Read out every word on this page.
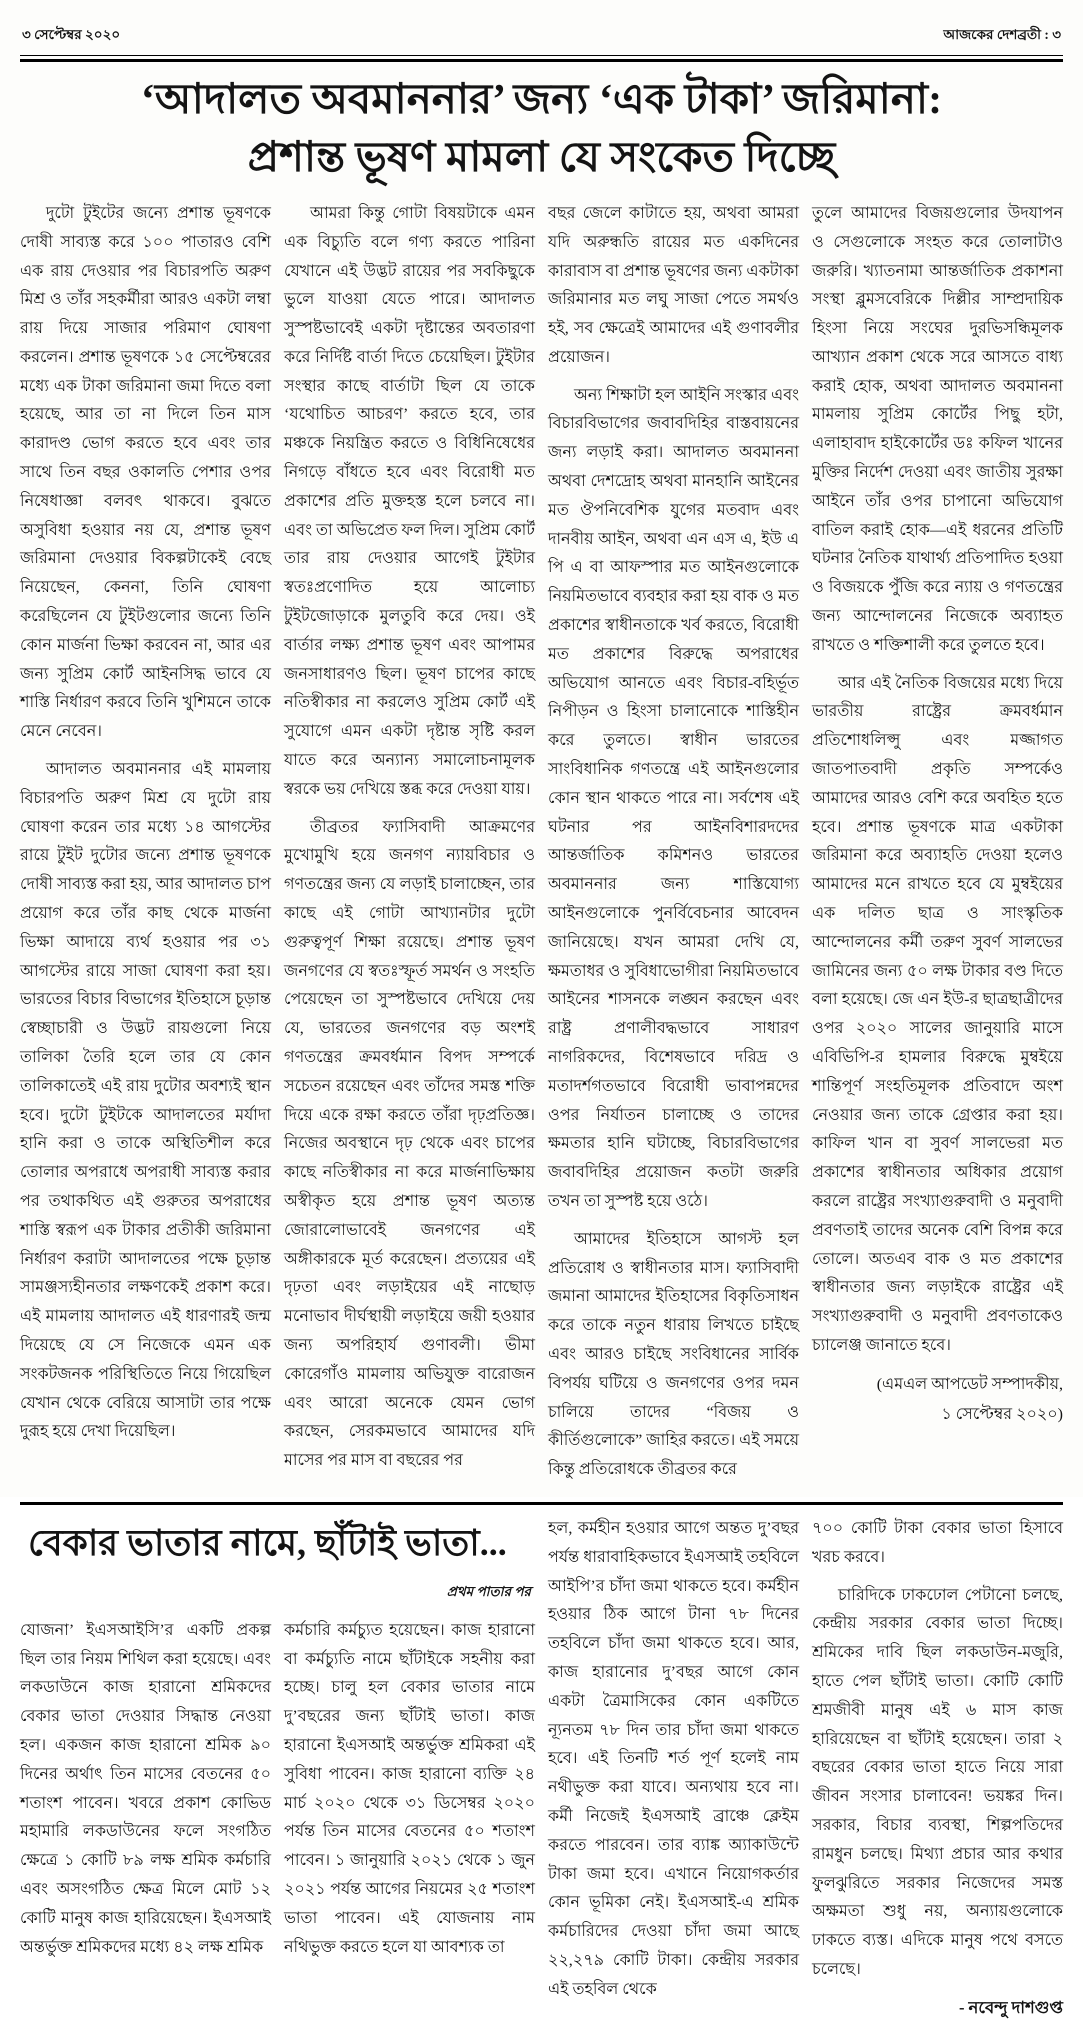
৩ সেপ্টেম্বর ২০২০	আজকের দেশব্রতী : ৩
‘আদালত অবমাননার’ জন্য ‘এক টাকা’ জরিমানা:
প্রশান্ত ভূষণ মামলা যে সংকেত দিচ্ছে

দুটো টুইটের জন্যে প্রশান্ত ভূষণকে দোষী সাব্যস্ত করে ১০০ পাতারও বেশি এক রায় দেওয়ার পর বিচারপতি অরুণ মিশ্র ও তাঁর সহকর্মীরা আরও একটা লম্বা রায় দিয়ে সাজার পরিমাণ ঘোষণা করলেন। প্রশান্ত ভূষণকে ১৫ সেপ্টেম্বরের মধ্যে এক টাকা জরিমানা জমা দিতে বলা হয়েছে, আর তা না দিলে তিন মাস কারাদণ্ড ভোগ করতে হবে এবং তার সাথে তিন বছর ওকালতি পেশার ওপর নিষেধাজ্ঞা বলবৎ থাকবে। বুঝতে অসুবিধা হওয়ার নয় যে, প্রশান্ত ভূষণ জরিমানা দেওয়ার বিকল্পটাকেই বেছে নিয়েছেন, কেননা, তিনি ঘোষণা করেছিলেন যে টুইটগুলোর জন্যে তিনি কোন মার্জনা ভিক্ষা করবেন না, আর এর জন্য সুপ্রিম কোর্ট আইনসিদ্ধ ভাবে যে শাস্তি নির্ধারণ করবে তিনি খুশিমনে তাকে মেনে নেবেন।

আদালত অবমাননার এই মামলায় বিচারপতি অরুণ মিশ্র যে দুটো রায় ঘোষণা করেন তার মধ্যে ১৪ আগস্টের রায়ে টুইট দুটোর জন্যে প্রশান্ত ভূষণকে দোষী সাব্যস্ত করা হয়, আর আদালত চাপ প্রয়োগ করে তাঁর কাছ থেকে মার্জনা ভিক্ষা আদায়ে ব্যর্থ হওয়ার পর ৩১ আগস্টের রায়ে সাজা ঘোষণা করা হয়। ভারতের বিচার বিভাগের ইতিহাসে চূড়ান্ত স্বেচ্ছাচারী ও উদ্ভট রায়গুলো নিয়ে তালিকা তৈরি হলে তার যে কোন তালিকাতেই এই রায় দুটোর অবশ্যই স্থান হবে। দুটো টুইটকে আদালতের মর্যাদা হানি করা ও তাকে অস্থিতিশীল করে তোলার অপরাধে অপরাধী সাব্যস্ত করার পর তথাকথিত এই গুরুতর অপরাধের শাস্তি স্বরূপ এক টাকার প্রতীকী জরিমানা নির্ধারণ করাটা আদালতের পক্ষে চূড়ান্ত সামঞ্জস্যহীনতার লক্ষণকেই প্রকাশ করে। এই মামলায় আদালত এই ধারণারই জন্ম দিয়েছে যে সে নিজেকে এমন এক সংকটজনক পরিস্থিতিতে নিয়ে গিয়েছিল যেখান থেকে বেরিয়ে আসাটা তার পক্ষে দুরূহ হয়ে দেখা দিয়েছিল।

আমরা কিন্তু গোটা বিষয়টাকে এমন এক বিচ্যুতি বলে গণ্য করতে পারিনা যেখানে এই উদ্ভট রায়ের পর সবকিছুকে ভুলে যাওয়া যেতে পারে। আদালত সুস্পষ্টভাবেই একটা দৃষ্টান্তের অবতারণা করে নির্দিষ্ট বার্তা দিতে চেয়েছিল। টুইটার সংস্থার কাছে বার্তাটা ছিল যে তাকে ‘যথোচিত আচরণ’ করতে হবে, তার মঞ্চকে নিয়ন্ত্রিত করতে ও বিধিনিষেধের নিগড়ে বাঁধতে হবে এবং বিরোধী মত প্রকাশের প্রতি মুক্তহস্ত হলে চলবে না। এবং তা অভিপ্রেত ফল দিল। সুপ্রিম কোর্ট তার রায় দেওয়ার আগেই টুইটার স্বতঃপ্রণোদিত হয়ে আলোচ্য টুইটজোড়াকে মুলতুবি করে দেয়। ওই বার্তার লক্ষ্য প্রশান্ত ভূষণ এবং আপামর জনসাধারণও ছিল। ভূষণ চাপের কাছে নতিস্বীকার না করলেও সুপ্রিম কোর্ট এই সুযোগে এমন একটা দৃষ্টান্ত সৃষ্টি করল যাতে করে অন্যান্য সমালোচনামূলক স্বরকে ভয় দেখিয়ে স্তব্ধ করে দেওয়া যায়।

তীব্রতর ফ্যাসিবাদী আক্রমণের মুখোমুখি হয়ে জনগণ ন্যায়বিচার ও গণতন্ত্রের জন্য যে লড়াই চালাচ্ছেন, তার কাছে এই গোটা আখ্যানটার দুটো গুরুত্বপূর্ণ শিক্ষা রয়েছে। প্রশান্ত ভূষণ জনগণের যে স্বতঃস্ফূর্ত সমর্থন ও সংহতি পেয়েছেন তা সুস্পষ্টভাবে দেখিয়ে দেয় যে, ভারতের জনগণের বড় অংশই গণতন্ত্রের ক্রমবর্ধমান বিপদ সম্পর্কে সচেতন রয়েছেন এবং তাঁদের সমস্ত শক্তি দিয়ে একে রক্ষা করতে তাঁরা দৃঢ়প্রতিজ্ঞ। নিজের অবস্থানে দৃঢ় থেকে এবং চাপের কাছে নতিস্বীকার না করে মার্জনাভিক্ষায় অস্বীকৃত হয়ে প্রশান্ত ভূষণ অত্যন্ত জোরালোভাবেই জনগণের এই অঙ্গীকারকে মূর্ত করেছেন। প্রত্যয়ের এই দৃঢ়তা এবং লড়াইয়ের এই নাছোড় মনোভাব দীর্ঘস্থায়ী লড়াইয়ে জয়ী হওয়ার জন্য অপরিহার্য গুণাবলী। ভীমা কোরেগাঁও মামলায় অভিযুক্ত বারোজন এবং আরো অনেকে যেমন ভোগ করছেন, সেরকমভাবে আমাদের যদি মাসের পর মাস বা বছরের পর

বছর জেলে কাটাতে হয়, অথবা আমরা যদি অরুন্ধতি রায়ের মত একদিনের কারাবাস বা প্রশান্ত ভূষণের জন্য একটাকা জরিমানার মত লঘু সাজা পেতে সমর্থও হই, সব ক্ষেত্রেই আমাদের এই গুণাবলীর প্রয়োজন।

অন্য শিক্ষাটা হল আইনি সংস্কার এবং বিচারবিভাগের জবাবদিহির বাস্তবায়নের জন্য লড়াই করা। আদালত অবমাননা অথবা দেশদ্রোহ অথবা মানহানি আইনের মত ঔপনিবেশিক যুগের মতবাদ এবং দানবীয় আইন, অথবা এন এস এ, ইউ এ পি এ বা আফস্পার মত আইনগুলোকে নিয়মিতভাবে ব্যবহার করা হয় বাক ও মত প্রকাশের স্বাধীনতাকে খর্ব করতে, বিরোধী মত প্রকাশের বিরুদ্ধে অপরাধের অভিযোগ আনতে এবং বিচার-বহির্ভূত নিপীড়ন ও হিংসা চালানোকে শাস্তিহীন করে তুলতে। স্বাধীন ভারতের সাংবিধানিক গণতন্ত্রে এই আইনগুলোর কোন স্থান থাকতে পারে না। সর্বশেষ এই ঘটনার পর আইনবিশারদদের আন্তর্জাতিক কমিশনও ভারতের অবমাননার জন্য শাস্তিযোগ্য আইনগুলোকে পুনর্বিবেচনার আবেদন জানিয়েছে। যখন আমরা দেখি যে, ক্ষমতাধর ও সুবিধাভোগীরা নিয়মিতভাবে আইনের শাসনকে লঙ্ঘন করছেন এবং রাষ্ট্র প্রণালীবদ্ধভাবে সাধারণ নাগরিকদের, বিশেষভাবে দরিদ্র ও মতাদর্শগতভাবে বিরোধী ভাবাপন্নদের ওপর নির্যাতন চালাচ্ছে ও তাদের ক্ষমতার হানি ঘটাচ্ছে, বিচারবিভাগের জবাবদিহির প্রয়োজন কতটা জরুরি তখন তা সুস্পষ্ট হয়ে ওঠে।

আমাদের ইতিহাসে আগস্ট হল প্রতিরোধ ও স্বাধীনতার মাস। ফ্যাসিবাদী জমানা আমাদের ইতিহাসের বিকৃতিসাধন করে তাকে নতুন ধারায় লিখতে চাইছে এবং আরও চাইছে সংবিধানের সার্বিক বিপর্যয় ঘটিয়ে ও জনগণের ওপর দমন চালিয়ে তাদের “বিজয় ও কীর্তিগুলোকে” জাহির করতে। এই সময়ে কিন্তু প্রতিরোধকে তীব্রতর করে

তুলে আমাদের বিজয়গুলোর উদযাপন ও সেগুলোকে সংহত করে তোলাটাও জরুরি। খ্যাতনামা আন্তর্জাতিক প্রকাশনা সংস্থা ব্লুমসবেরিকে দিল্লীর সাম্প্রদায়িক হিংসা নিয়ে সংঘের দুরভিসন্ধিমূলক আখ্যান প্রকাশ থেকে সরে আসতে বাধ্য করাই হোক, অথবা আদালত অবমাননা মামলায় সুপ্রিম কোর্টের পিছু হটা, এলাহাবাদ হাইকোর্টের ডঃ কফিল খানের মুক্তির নির্দেশ দেওয়া এবং জাতীয় সুরক্ষা আইনে তাঁর ওপর চাপানো অভিযোগ বাতিল করাই হোক—এই ধরনের প্রতিটি ঘটনার নৈতিক যাথার্থ্য প্রতিপাদিত হওয়া ও বিজয়কে পুঁজি করে ন্যায় ও গণতন্ত্রের জন্য আন্দোলনের নিজেকে অব্যাহত রাখতে ও শক্তিশালী করে তুলতে হবে।

আর এই নৈতিক বিজয়ের মধ্যে দিয়ে ভারতীয় রাষ্ট্রের ক্রমবর্ধমান প্রতিশোধলিপ্সু এবং মজ্জাগত জাতপাতবাদী প্রকৃতি সম্পর্কেও আমাদের আরও বেশি করে অবহিত হতে হবে। প্রশান্ত ভূষণকে মাত্র একটাকা জরিমানা করে অব্যাহতি দেওয়া হলেও আমাদের মনে রাখতে হবে যে মুম্বইয়ের এক দলিত ছাত্র ও সাংস্কৃতিক আন্দোলনের কর্মী তরুণ সুবর্ণ সালভের জামিনের জন্য ৫০ লক্ষ টাকার বণ্ড দিতে বলা হয়েছে। জে এন ইউ-র ছাত্রছাত্রীদের ওপর ২০২০ সালের জানুয়ারি মাসে এবিভিপি-র হামলার বিরুদ্ধে মুম্বইয়ে শান্তিপূর্ণ সংহতিমূলক প্রতিবাদে অংশ নেওয়ার জন্য তাকে গ্রেপ্তার করা হয়। কাফিল খান বা সুবর্ণ সালভেরা মত প্রকাশের স্বাধীনতার অধিকার প্রয়োগ করলে রাষ্ট্রের সংখ্যাগুরুবাদী ও মনুবাদী প্রবণতাই তাদের অনেক বেশি বিপন্ন করে তোলে। অতএব বাক ও মত প্রকাশের স্বাধীনতার জন্য লড়াইকে রাষ্ট্রের এই সংখ্যাগুরুবাদী ও মনুবাদী প্রবণতাকেও চ্যালেঞ্জ জানাতে হবে।

(এমএল আপডেট সম্পাদকীয়,
১ সেপ্টেম্বর ২০২০)
বেকার ভাতার নামে, ছাঁটাই ভাতা...
প্রথম পাতার পর

যোজনা’ ইএসআইসি’র একটি প্রকল্প ছিল তার নিয়ম শিথিল করা হয়েছে। এবং লকডাউনে কাজ হারানো শ্রমিকদের বেকার ভাতা দেওয়ার সিদ্ধান্ত নেওয়া হল। একজন কাজ হারানো শ্রমিক ৯০ দিনের অর্থাৎ তিন মাসের বেতনের ৫০ শতাংশ পাবেন। খবরে প্রকাশ কোভিড মহামারি লকডাউনের ফলে সংগঠিত ক্ষেত্রে ১ কোটি ৮৯ লক্ষ শ্রমিক কর্মচারি এবং অসংগঠিত ক্ষেত্র মিলে মোট ১২ কোটি মানুষ কাজ হারিয়েছেন। ইএসআই অন্তর্ভুক্ত শ্রমিকদের মধ্যে ৪২ লক্ষ শ্রমিক

কর্মচারি কর্মচ্যুত হয়েছেন। কাজ হারানো বা কর্মচ্যুতি নামে ছাঁটাইকে সহনীয় করা হচ্ছে। চালু হল বেকার ভাতার নামে দু’বছরের জন্য ছাঁটাই ভাতা। কাজ হারানো ইএসআই অন্তর্ভুক্ত শ্রমিকরা এই সুবিধা পাবেন। কাজ হারানো ব্যক্তি ২৪ মার্চ ২০২০ থেকে ৩১ ডিসেম্বর ২০২০ পর্যন্ত তিন মাসের বেতনের ৫০ শতাংশ পাবেন। ১ জানুয়ারি ২০২১ থেকে ১ জুন ২০২১ পর্যন্ত আগের নিয়মের ২৫ শতাংশ ভাতা পাবেন। এই যোজনায় নাম নথিভুক্ত করতে হলে যা আবশ্যক তা

হল, কর্মহীন হওয়ার আগে অন্তত দু’বছর পর্যন্ত ধারাবাহিকভাবে ইএসআই তহবিলে আইপি’র চাঁদা জমা থাকতে হবে। কর্মহীন হওয়ার ঠিক আগে টানা ৭৮ দিনের তহবিলে চাঁদা জমা থাকতে হবে। আর, কাজ হারানোর দু’বছর আগে কোন একটা ত্রৈমাসিকের কোন একটিতে ন্যূনতম ৭৮ দিন তার চাঁদা জমা থাকতে হবে। এই তিনটি শর্ত পূর্ণ হলেই নাম নথীভুক্ত করা যাবে। অন্যথায় হবে না। কর্মী নিজেই ইএসআই ব্রাঞ্চে ক্লেইম করতে পারবেন। তার ব্যাঙ্ক অ্যাকাউন্টে টাকা জমা হবে। এখানে নিয়োগকর্তার কোন ভূমিকা নেই। ইএসআই-এ শ্রমিক কর্মচারিদের দেওয়া চাঁদা জমা আছে ২২,২৭৯ কোটি টাকা। কেন্দ্রীয় সরকার এই তহবিল থেকে

৭০০ কোটি টাকা বেকার ভাতা হিসাবে খরচ করবে।

চারিদিকে ঢাকঢোল পেটানো চলছে, কেন্দ্রীয় সরকার বেকার ভাতা দিচ্ছে। শ্রমিকের দাবি ছিল লকডাউন-মজুরি, হাতে পেল ছাঁটাই ভাতা। কোটি কোটি শ্রমজীবী মানুষ এই ৬ মাস কাজ হারিয়েছেন বা ছাঁটাই হয়েছেন। তারা ২ বছরের বেকার ভাতা হাতে নিয়ে সারা জীবন সংসার চালাবেন! ভয়ঙ্কর দিন। সরকার, বিচার ব্যবস্থা, শিল্পপতিদের রামধুন চলছে। মিথ্যা প্রচার আর কথার ফুলঝুরিতে সরকার নিজেদের সমস্ত অক্ষমতা শুধু নয়, অন্যায়গুলোকে ঢাকতে ব্যস্ত। এদিকে মানুষ পথে বসতে চলেছে।

- নবেন্দু দাশগুপ্ত
